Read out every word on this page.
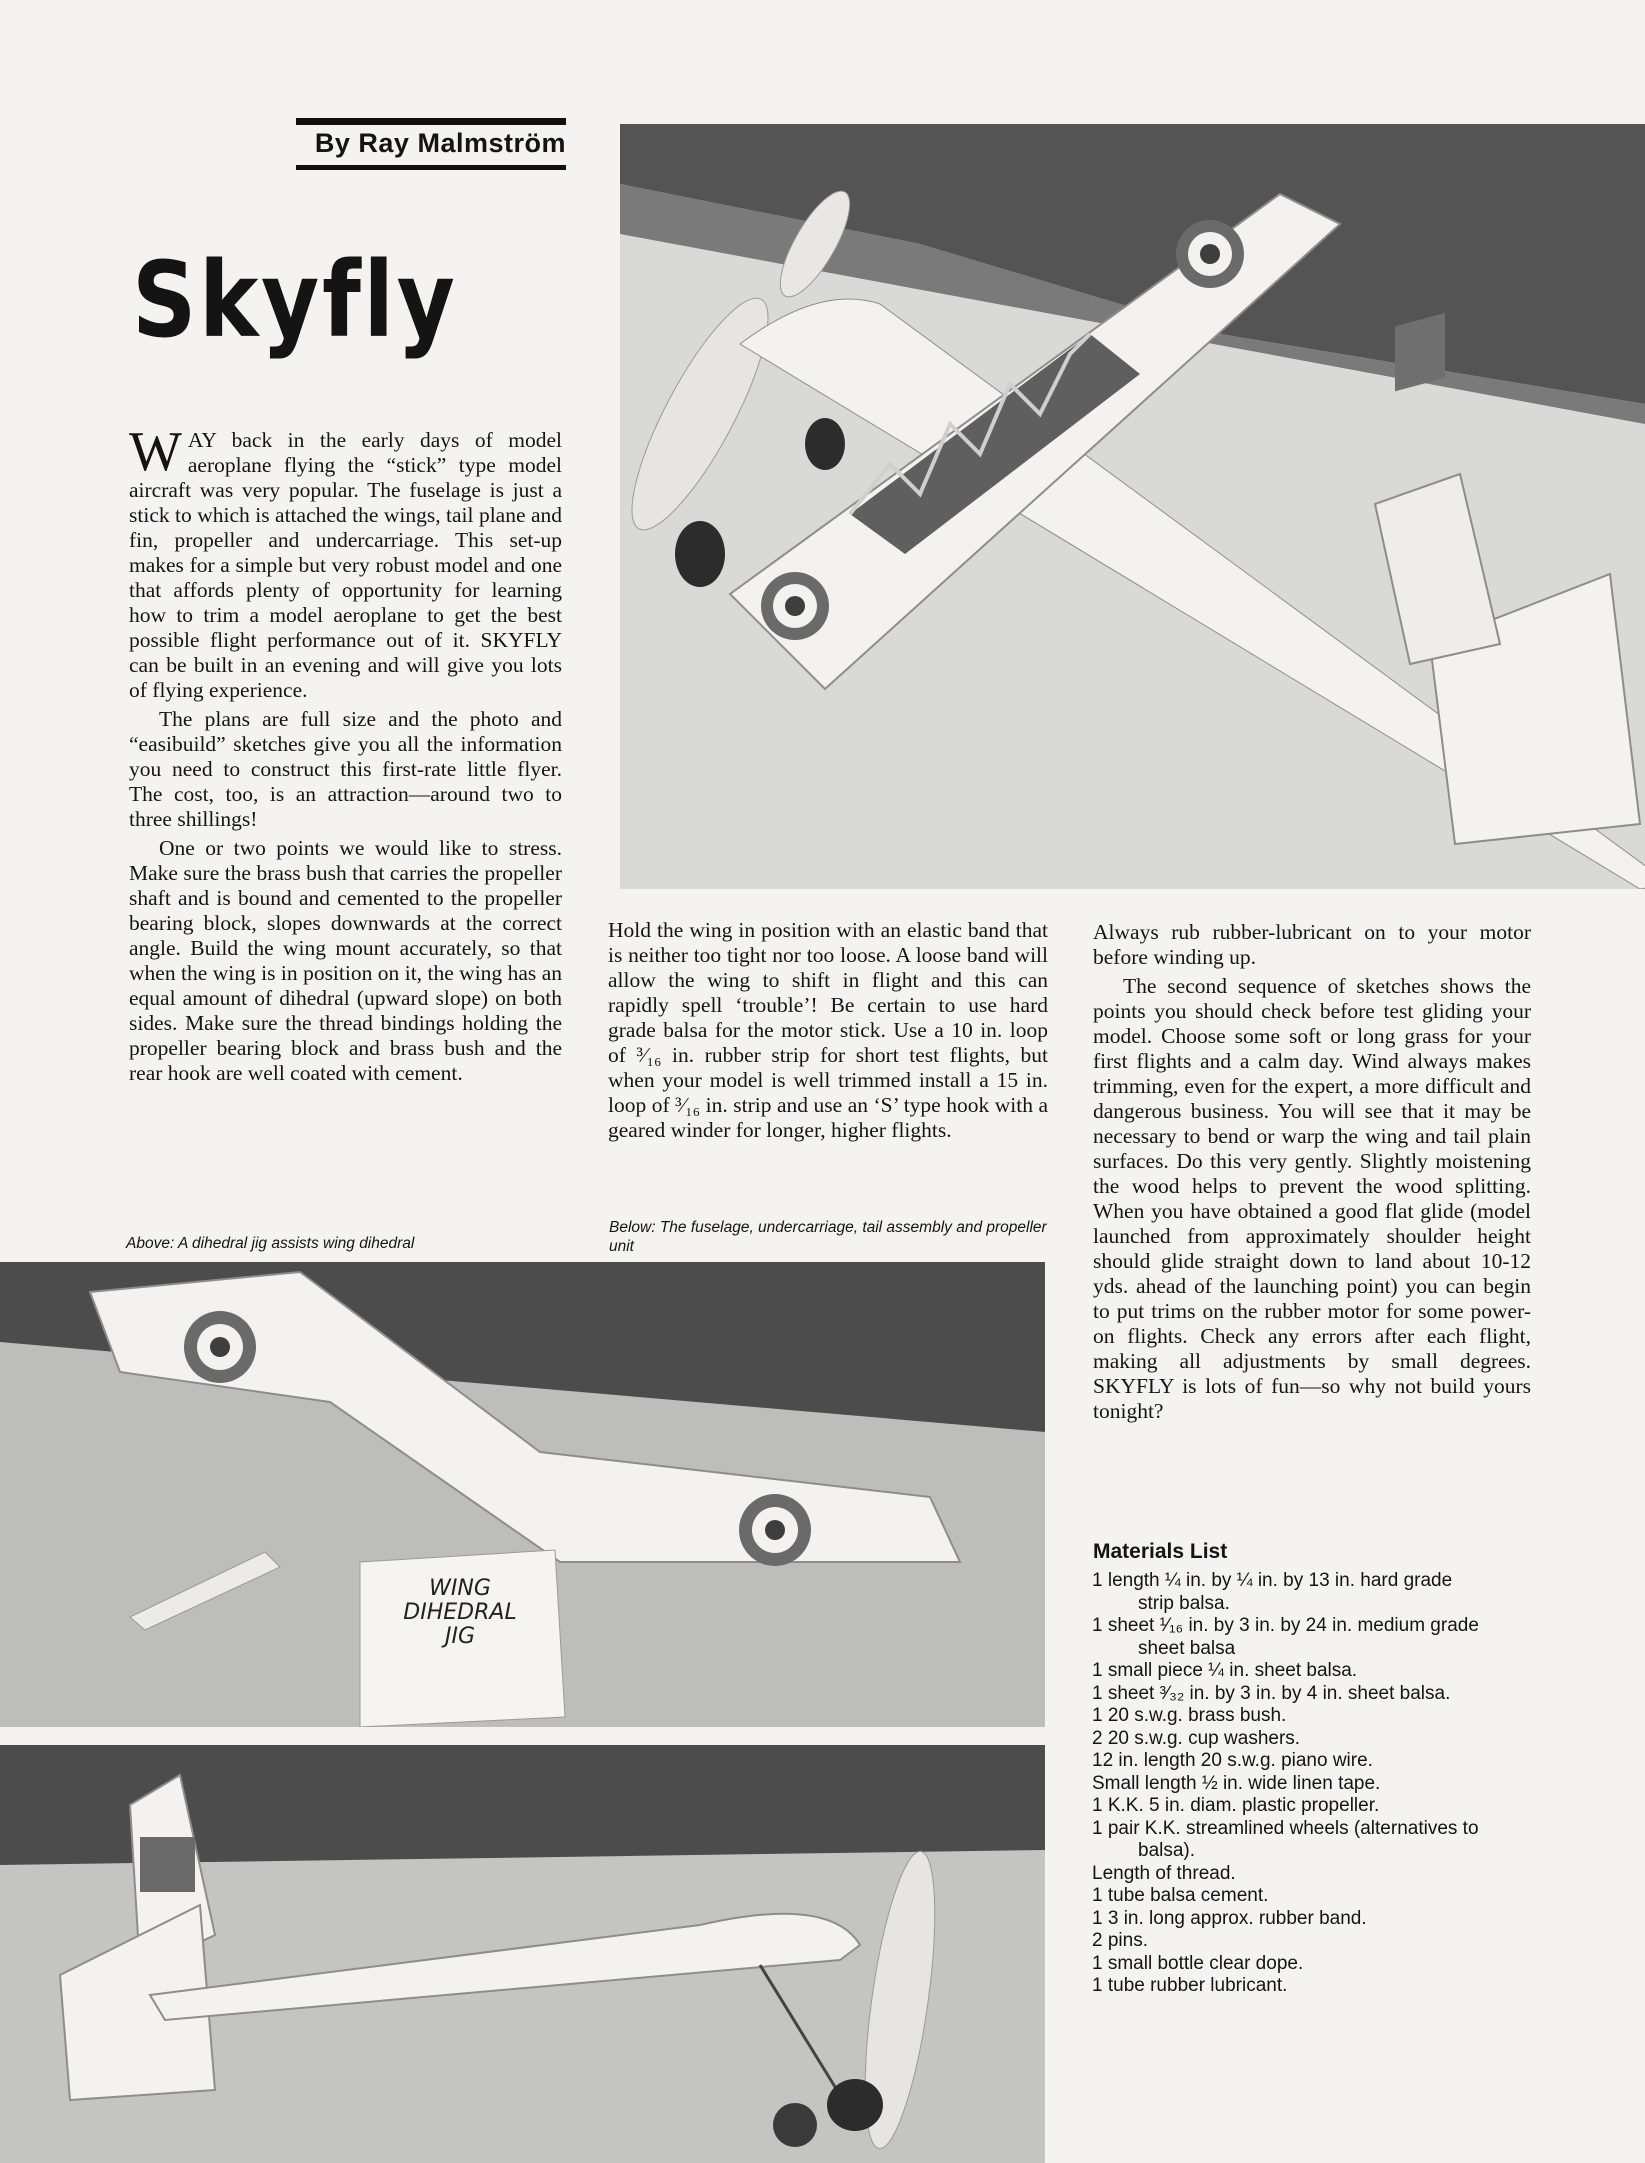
By Ray Malmström
Skyfly

WAY back in the early days of model aeroplane flying the “stick” type model aircraft was very popular. The fuselage is just a stick to which is attached the wings, tail plane and fin, propeller and undercarriage. This set-up makes for a simple but very robust model and one that affords plenty of opportunity for learning how to trim a model aeroplane to get the best possible flight performance out of it. SKYFLY can be built in an evening and will give you lots of flying experience.

The plans are full size and the photo and “easibuild” sketches give you all the information you need to construct this first-rate little flyer. The cost, too, is an attraction—around two to three shillings!

One or two points we would like to stress. Make sure the brass bush that carries the propeller shaft and is bound and cemented to the propeller bearing block, slopes downwards at the correct angle. Build the wing mount accurately, so that when the wing is in position on it, the wing has an equal amount of dihedral (upward slope) on both sides. Make sure the thread bindings holding the propeller bearing block and brass bush and the rear hook are well coated with cement.

Hold the wing in position with an elastic band that is neither too tight nor too loose. A loose band will allow the wing to shift in flight and this can rapidly spell ‘trouble’! Be certain to use hard grade balsa for the motor stick. Use a 10 in. loop of ³⁄₁₆ in. rubber strip for short test flights, but when your model is well trimmed install a 15 in. loop of ³⁄₁₆ in. strip and use an ‘S’ type hook with a geared winder for longer, higher flights.

Always rub rubber-lubricant on to your motor before winding up.

The second sequence of sketches shows the points you should check before test gliding your model. Choose some soft or long grass for your first flights and a calm day. Wind always makes trimming, even for the expert, a more difficult and dangerous business. You will see that it may be necessary to bend or warp the wing and tail plain surfaces. Do this very gently. Slightly moistening the wood helps to prevent the wood splitting. When you have obtained a good flat glide (model launched from approximately shoulder height should glide straight down to land about 10-12 yds. ahead of the launching point) you can begin to put trims on the rubber motor for some power-on flights. Check any errors after each flight, making all adjustments by small degrees. SKYFLY is lots of fun—so why not build yours tonight?

Above: A dihedral jig assists wing dihedral
Below: The fuselage, undercarriage, tail assembly and propeller unit
WING
DIHEDRAL
JIG
Materials List
1 length ¼ in. by ¼ in. by 13 in. hard grade strip balsa.
1 sheet ¹⁄₁₆ in. by 3 in. by 24 in. medium grade sheet balsa
1 small piece ¼ in. sheet balsa.
1 sheet ³⁄₃₂ in. by 3 in. by 4 in. sheet balsa.
1 20 s.w.g. brass bush.
2 20 s.w.g. cup washers.
12 in. length 20 s.w.g. piano wire.
Small length ½ in. wide linen tape.
1 K.K. 5 in. diam. plastic propeller.
1 pair K.K. streamlined wheels (alternatives to balsa).
Length of thread.
1 tube balsa cement.
1 3 in. long approx. rubber band.
2 pins.
1 small bottle clear dope.
1 tube rubber lubricant.
